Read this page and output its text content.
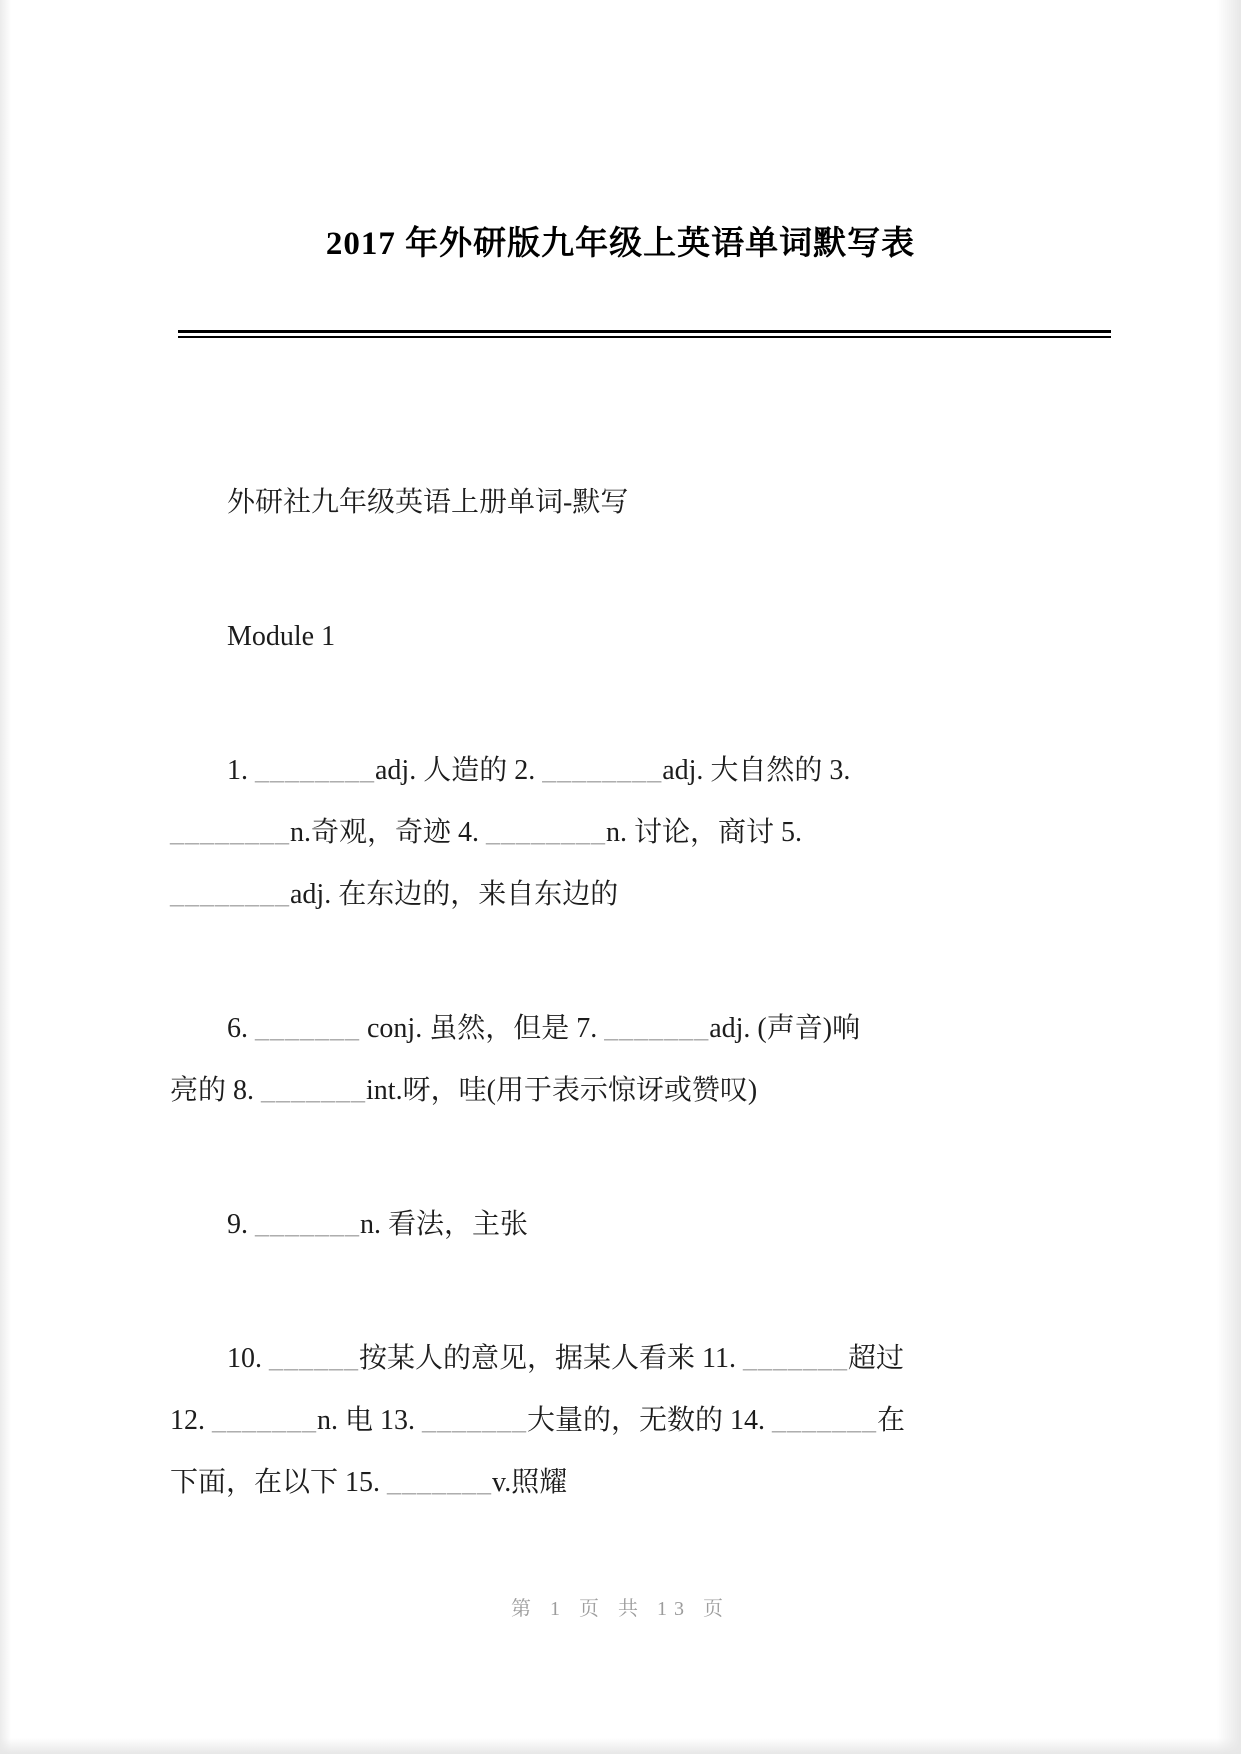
2017 年外研版九年级上英语单词默写表
外研社九年级英语上册单词-默写
Module 1
1. ________adj. 人造的 2. ________adj. 大自然的 3.
________n.奇观，奇迹 4. ________n. 讨论，商讨 5.
________adj. 在东边的，来自东边的
6. _______ conj. 虽然，但是 7. _______adj. (声音)响
亮的 8. _______int.呀，哇(用于表示惊讶或赞叹)
9. _______n. 看法，主张
10. ______按某人的意见，据某人看来 11. _______超过
12. _______n. 电 13. _______大量的，无数的 14. _______在
下面，在以下 15. _______v.照耀
第 1 页 共 13 页
